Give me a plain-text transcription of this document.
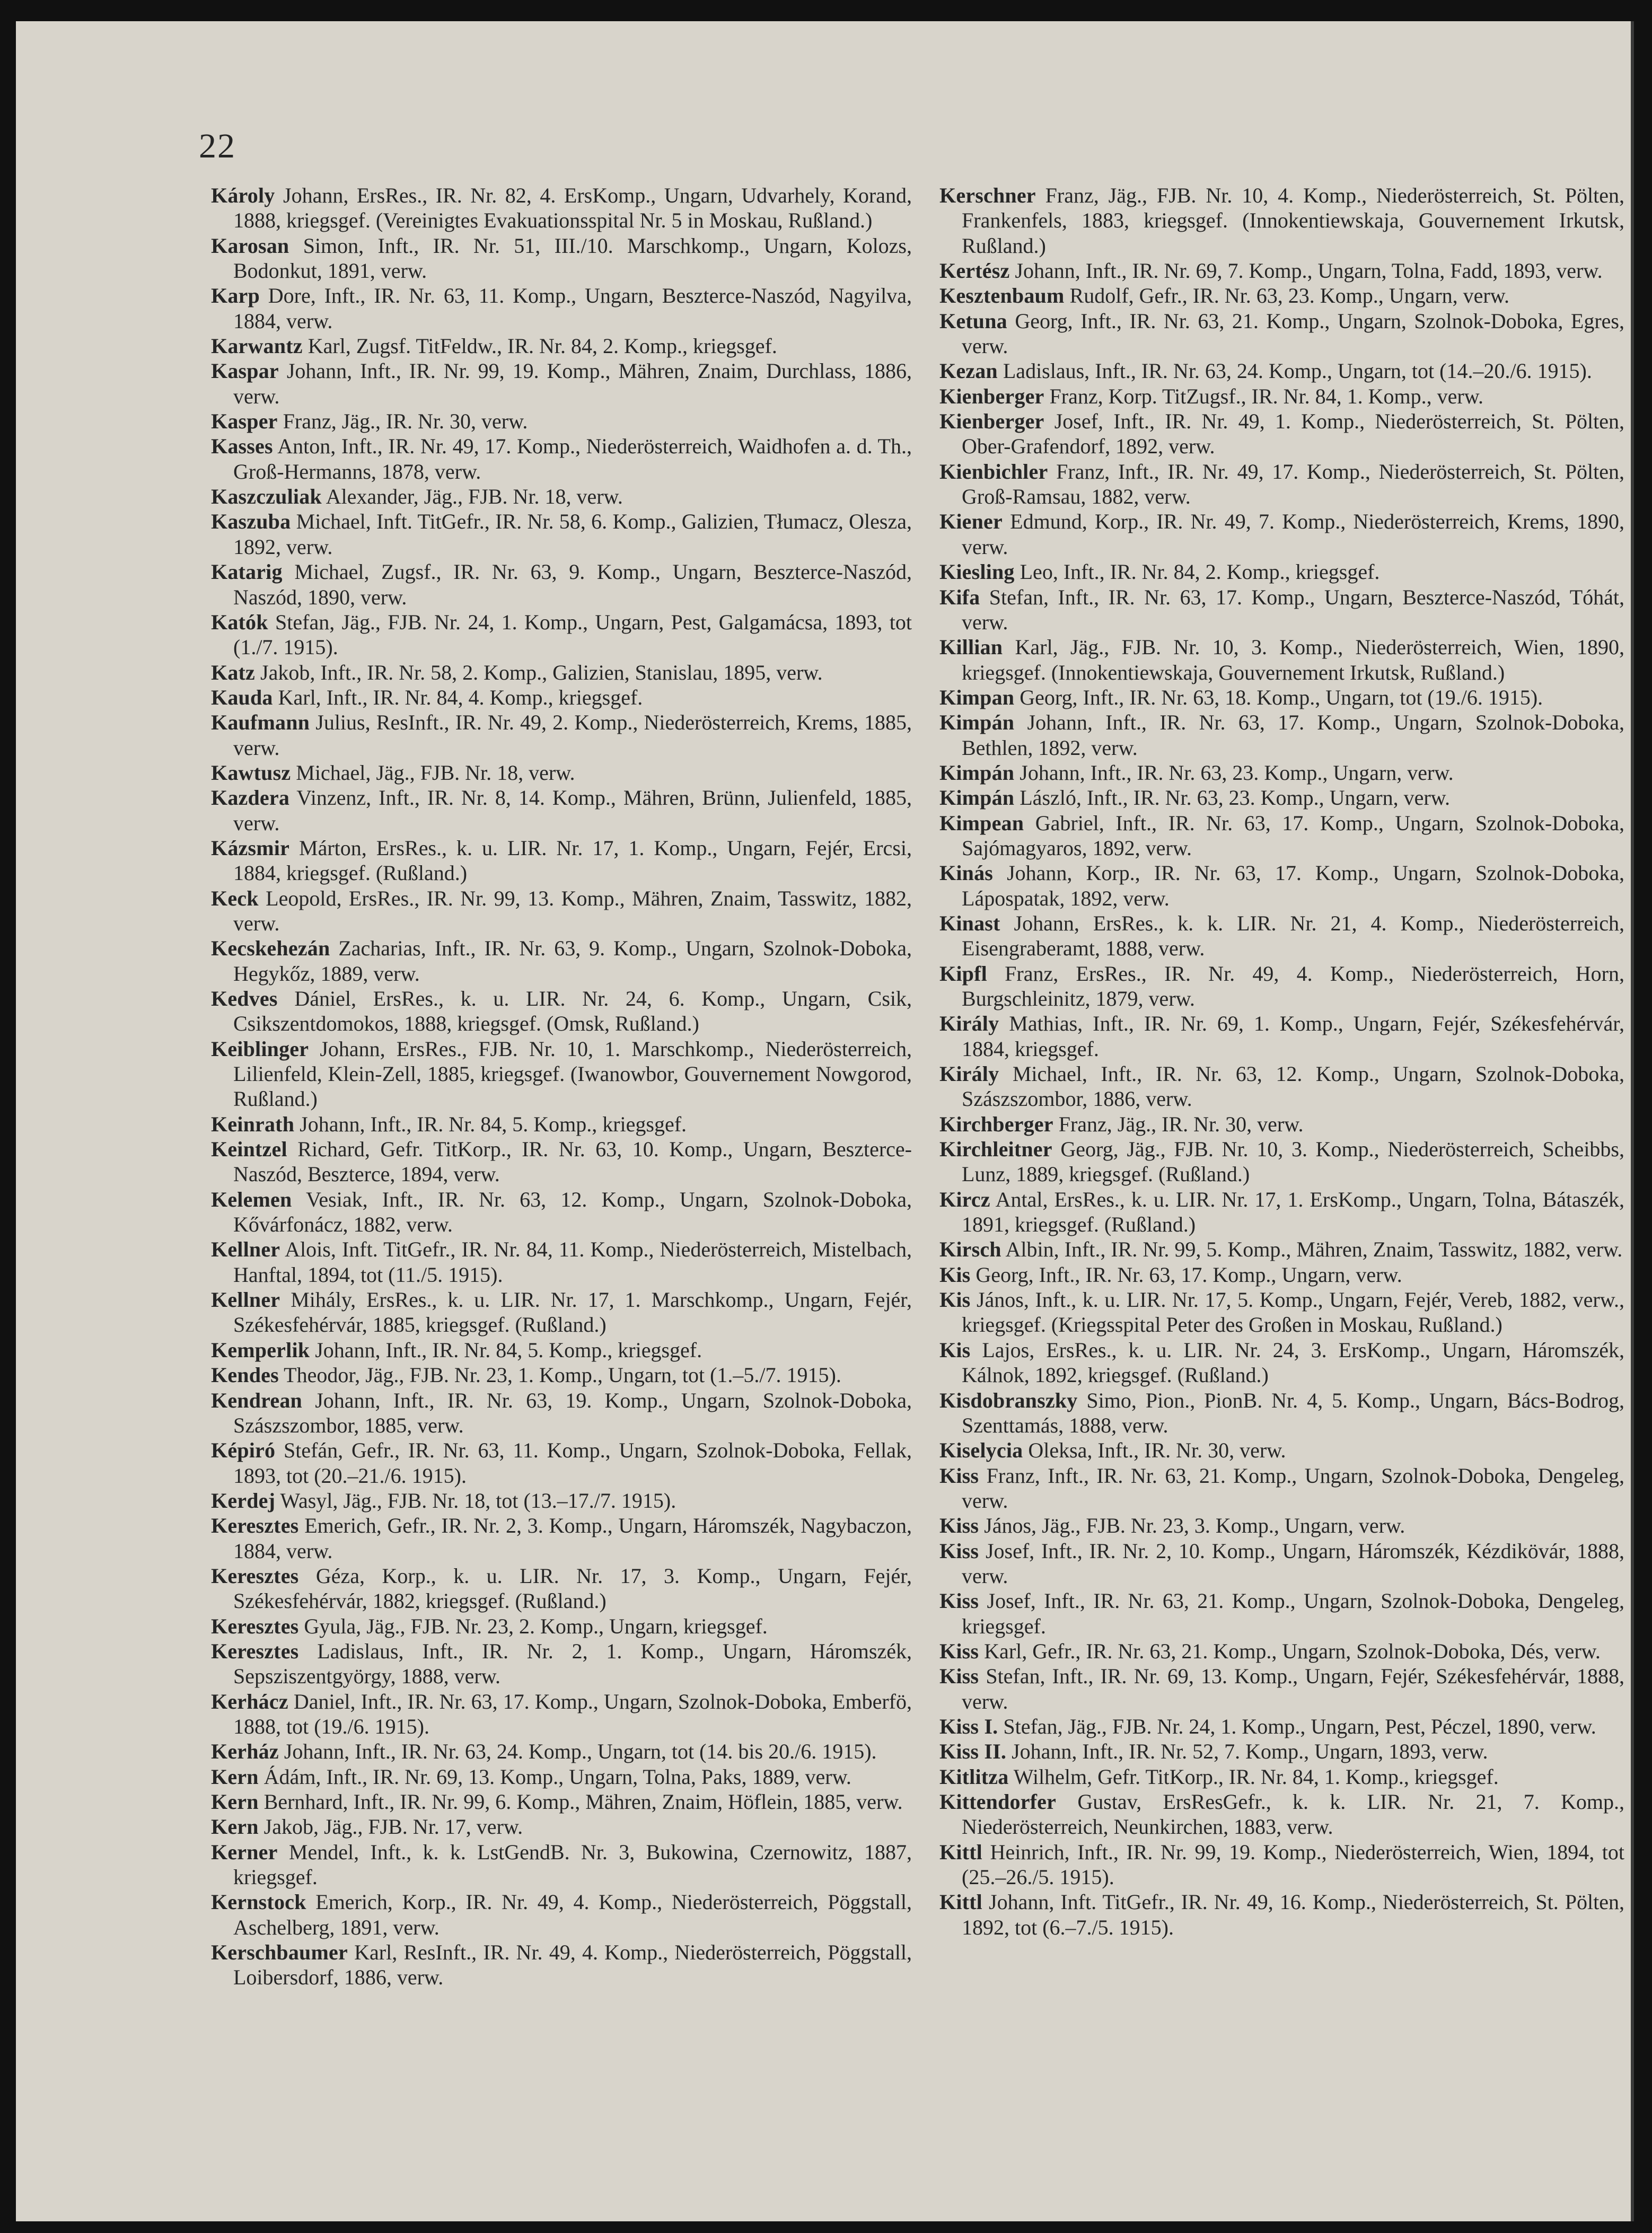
22

Károly Johann, ErsRes., IR. Nr. 82, 4. ErsKomp., Ungarn, Udvarhely, Korand, 1888, kriegsgef. (Vereinigtes Evakuationsspital Nr. 5 in Moskau, Rußland.)

Karosan Simon, Inft., IR. Nr. 51, III./10. Marschkomp., Ungarn, Kolozs, Bodonkut, 1891, verw.

Karp Dore, Inft., IR. Nr. 63, 11. Komp., Ungarn, Beszterce-Naszód, Nagyilva, 1884, verw.

Karwantz Karl, Zugsf. TitFeldw., IR. Nr. 84, 2. Komp., kriegsgef.

Kaspar Johann, Inft., IR. Nr. 99, 19. Komp., Mähren, Znaim, Durchlass, 1886, verw.

Kasper Franz, Jäg., IR. Nr. 30, verw.

Kasses Anton, Inft., IR. Nr. 49, 17. Komp., Niederösterreich, Waidhofen a. d. Th., Groß-Hermanns, 1878, verw.

Kaszczuliak Alexander, Jäg., FJB. Nr. 18, verw.

Kaszuba Michael, Inft. TitGefr., IR. Nr. 58, 6. Komp., Galizien, Tłumacz, Olesza, 1892, verw.

Katarig Michael, Zugsf., IR. Nr. 63, 9. Komp., Ungarn, Beszterce-Naszód, Naszód, 1890, verw.

Katók Stefan, Jäg., FJB. Nr. 24, 1. Komp., Ungarn, Pest, Galgamácsa, 1893, tot (1./7. 1915).

Katz Jakob, Inft., IR. Nr. 58, 2. Komp., Galizien, Stanislau, 1895, verw.

Kauda Karl, Inft., IR. Nr. 84, 4. Komp., kriegsgef.

Kaufmann Julius, ResInft., IR. Nr. 49, 2. Komp., Niederösterreich, Krems, 1885, verw.

Kawtusz Michael, Jäg., FJB. Nr. 18, verw.

Kazdera Vinzenz, Inft., IR. Nr. 8, 14. Komp., Mähren, Brünn, Julienfeld, 1885, verw.

Kázsmir Márton, ErsRes., k. u. LIR. Nr. 17, 1. Komp., Ungarn, Fejér, Ercsi, 1884, kriegsgef. (Rußland.)

Keck Leopold, ErsRes., IR. Nr. 99, 13. Komp., Mähren, Znaim, Tasswitz, 1882, verw.

Kecskehezán Zacharias, Inft., IR. Nr. 63, 9. Komp., Ungarn, Szolnok-Doboka, Hegykőz, 1889, verw.

Kedves Dániel, ErsRes., k. u. LIR. Nr. 24, 6. Komp., Ungarn, Csik, Csikszentdomokos, 1888, kriegsgef. (Omsk, Rußland.)

Keiblinger Johann, ErsRes., FJB. Nr. 10, 1. Marschkomp., Niederösterreich, Lilienfeld, Klein-Zell, 1885, kriegsgef. (Iwanowbor, Gouvernement Nowgorod, Rußland.)

Keinrath Johann, Inft., IR. Nr. 84, 5. Komp., kriegsgef.

Keintzel Richard, Gefr. TitKorp., IR. Nr. 63, 10. Komp., Ungarn, Beszterce-Naszód, Beszterce, 1894, verw.

Kelemen Vesiak, Inft., IR. Nr. 63, 12. Komp., Ungarn, Szolnok-Doboka, Kővárfonácz, 1882, verw.

Kellner Alois, Inft. TitGefr., IR. Nr. 84, 11. Komp., Niederösterreich, Mistelbach, Hanftal, 1894, tot (11./5. 1915).

Kellner Mihály, ErsRes., k. u. LIR. Nr. 17, 1. Marschkomp., Ungarn, Fejér, Székesfehérvár, 1885, kriegsgef. (Rußland.)

Kemperlik Johann, Inft., IR. Nr. 84, 5. Komp., kriegsgef.

Kendes Theodor, Jäg., FJB. Nr. 23, 1. Komp., Ungarn, tot (1.–5./7. 1915).

Kendrean Johann, Inft., IR. Nr. 63, 19. Komp., Ungarn, Szolnok-Doboka, Szászszombor, 1885, verw.

Képiró Stefán, Gefr., IR. Nr. 63, 11. Komp., Ungarn, Szolnok-Doboka, Fellak, 1893, tot (20.–21./6. 1915).

Kerdej Wasyl, Jäg., FJB. Nr. 18, tot (13.–17./7. 1915).

Keresztes Emerich, Gefr., IR. Nr. 2, 3. Komp., Ungarn, Háromszék, Nagybaczon, 1884, verw.

Keresztes Géza, Korp., k. u. LIR. Nr. 17, 3. Komp., Ungarn, Fejér, Székesfehérvár, 1882, kriegsgef. (Rußland.)

Keresztes Gyula, Jäg., FJB. Nr. 23, 2. Komp., Ungarn, kriegsgef.

Keresztes Ladislaus, Inft., IR. Nr. 2, 1. Komp., Ungarn, Háromszék, Sepsziszentgyörgy, 1888, verw.

Kerhácz Daniel, Inft., IR. Nr. 63, 17. Komp., Ungarn, Szolnok-Doboka, Emberfö, 1888, tot (19./6. 1915).

Kerház Johann, Inft., IR. Nr. 63, 24. Komp., Ungarn, tot (14. bis 20./6. 1915).

Kern Ádám, Inft., IR. Nr. 69, 13. Komp., Ungarn, Tolna, Paks, 1889, verw.

Kern Bernhard, Inft., IR. Nr. 99, 6. Komp., Mähren, Znaim, Höflein, 1885, verw.

Kern Jakob, Jäg., FJB. Nr. 17, verw.

Kerner Mendel, Inft., k. k. LstGendB. Nr. 3, Bukowina, Czernowitz, 1887, kriegsgef.

Kernstock Emerich, Korp., IR. Nr. 49, 4. Komp., Niederösterreich, Pöggstall, Aschelberg, 1891, verw.

Kerschbaumer Karl, ResInft., IR. Nr. 49, 4. Komp., Niederösterreich, Pöggstall, Loibersdorf, 1886, verw.

Kerschner Franz, Jäg., FJB. Nr. 10, 4. Komp., Niederösterreich, St. Pölten, Frankenfels, 1883, kriegsgef. (Innokentiewskaja, Gouvernement Irkutsk, Rußland.)

Kertész Johann, Inft., IR. Nr. 69, 7. Komp., Ungarn, Tolna, Fadd, 1893, verw.

Kesztenbaum Rudolf, Gefr., IR. Nr. 63, 23. Komp., Ungarn, verw.

Ketuna Georg, Inft., IR. Nr. 63, 21. Komp., Ungarn, Szolnok-Doboka, Egres, verw.

Kezan Ladislaus, Inft., IR. Nr. 63, 24. Komp., Ungarn, tot (14.–20./6. 1915).

Kienberger Franz, Korp. TitZugsf., IR. Nr. 84, 1. Komp., verw.

Kienberger Josef, Inft., IR. Nr. 49, 1. Komp., Niederösterreich, St. Pölten, Ober-Grafendorf, 1892, verw.

Kienbichler Franz, Inft., IR. Nr. 49, 17. Komp., Niederösterreich, St. Pölten, Groß-Ramsau, 1882, verw.

Kiener Edmund, Korp., IR. Nr. 49, 7. Komp., Niederösterreich, Krems, 1890, verw.

Kiesling Leo, Inft., IR. Nr. 84, 2. Komp., kriegsgef.

Kifa Stefan, Inft., IR. Nr. 63, 17. Komp., Ungarn, Beszterce-Naszód, Tóhát, verw.

Killian Karl, Jäg., FJB. Nr. 10, 3. Komp., Niederösterreich, Wien, 1890, kriegsgef. (Innokentiewskaja, Gouvernement Irkutsk, Rußland.)

Kimpan Georg, Inft., IR. Nr. 63, 18. Komp., Ungarn, tot (19./6. 1915).

Kimpán Johann, Inft., IR. Nr. 63, 17. Komp., Ungarn, Szolnok-Doboka, Bethlen, 1892, verw.

Kimpán Johann, Inft., IR. Nr. 63, 23. Komp., Ungarn, verw.

Kimpán László, Inft., IR. Nr. 63, 23. Komp., Ungarn, verw.

Kimpean Gabriel, Inft., IR. Nr. 63, 17. Komp., Ungarn, Szolnok-Doboka, Sajómagyaros, 1892, verw.

Kinás Johann, Korp., IR. Nr. 63, 17. Komp., Ungarn, Szolnok-Doboka, Lápospatak, 1892, verw.

Kinast Johann, ErsRes., k. k. LIR. Nr. 21, 4. Komp., Niederösterreich, Eisengraberamt, 1888, verw.

Kipfl Franz, ErsRes., IR. Nr. 49, 4. Komp., Niederösterreich, Horn, Burgschleinitz, 1879, verw.

Király Mathias, Inft., IR. Nr. 69, 1. Komp., Ungarn, Fejér, Székesfehérvár, 1884, kriegsgef.

Király Michael, Inft., IR. Nr. 63, 12. Komp., Ungarn, Szolnok-Doboka, Szászszombor, 1886, verw.

Kirchberger Franz, Jäg., IR. Nr. 30, verw.

Kirchleitner Georg, Jäg., FJB. Nr. 10, 3. Komp., Niederösterreich, Scheibbs, Lunz, 1889, kriegsgef. (Rußland.)

Kircz Antal, ErsRes., k. u. LIR. Nr. 17, 1. ErsKomp., Ungarn, Tolna, Bátaszék, 1891, kriegsgef. (Rußland.)

Kirsch Albin, Inft., IR. Nr. 99, 5. Komp., Mähren, Znaim, Tasswitz, 1882, verw.

Kis Georg, Inft., IR. Nr. 63, 17. Komp., Ungarn, verw.

Kis János, Inft., k. u. LIR. Nr. 17, 5. Komp., Ungarn, Fejér, Vereb, 1882, verw., kriegsgef. (Kriegsspital Peter des Großen in Moskau, Rußland.)

Kis Lajos, ErsRes., k. u. LIR. Nr. 24, 3. ErsKomp., Ungarn, Háromszék, Kálnok, 1892, kriegsgef. (Rußland.)

Kisdobranszky Simo, Pion., PionB. Nr. 4, 5. Komp., Ungarn, Bács-Bodrog, Szenttamás, 1888, verw.

Kiselycia Oleksa, Inft., IR. Nr. 30, verw.

Kiss Franz, Inft., IR. Nr. 63, 21. Komp., Ungarn, Szolnok-Doboka, Dengeleg, verw.

Kiss János, Jäg., FJB. Nr. 23, 3. Komp., Ungarn, verw.

Kiss Josef, Inft., IR. Nr. 2, 10. Komp., Ungarn, Háromszék, Kézdikövár, 1888, verw.

Kiss Josef, Inft., IR. Nr. 63, 21. Komp., Ungarn, Szolnok-Doboka, Dengeleg, kriegsgef.

Kiss Karl, Gefr., IR. Nr. 63, 21. Komp., Ungarn, Szolnok-Doboka, Dés, verw.

Kiss Stefan, Inft., IR. Nr. 69, 13. Komp., Ungarn, Fejér, Székesfehérvár, 1888, verw.

Kiss I. Stefan, Jäg., FJB. Nr. 24, 1. Komp., Ungarn, Pest, Péczel, 1890, verw.

Kiss II. Johann, Inft., IR. Nr. 52, 7. Komp., Ungarn, 1893, verw.

Kitlitza Wilhelm, Gefr. TitKorp., IR. Nr. 84, 1. Komp., kriegsgef.

Kittendorfer Gustav, ErsResGefr., k. k. LIR. Nr. 21, 7. Komp., Niederösterreich, Neunkirchen, 1883, verw.

Kittl Heinrich, Inft., IR. Nr. 99, 19. Komp., Niederösterreich, Wien, 1894, tot (25.–26./5. 1915).

Kittl Johann, Inft. TitGefr., IR. Nr. 49, 16. Komp., Niederösterreich, St. Pölten, 1892, tot (6.–7./5. 1915).
